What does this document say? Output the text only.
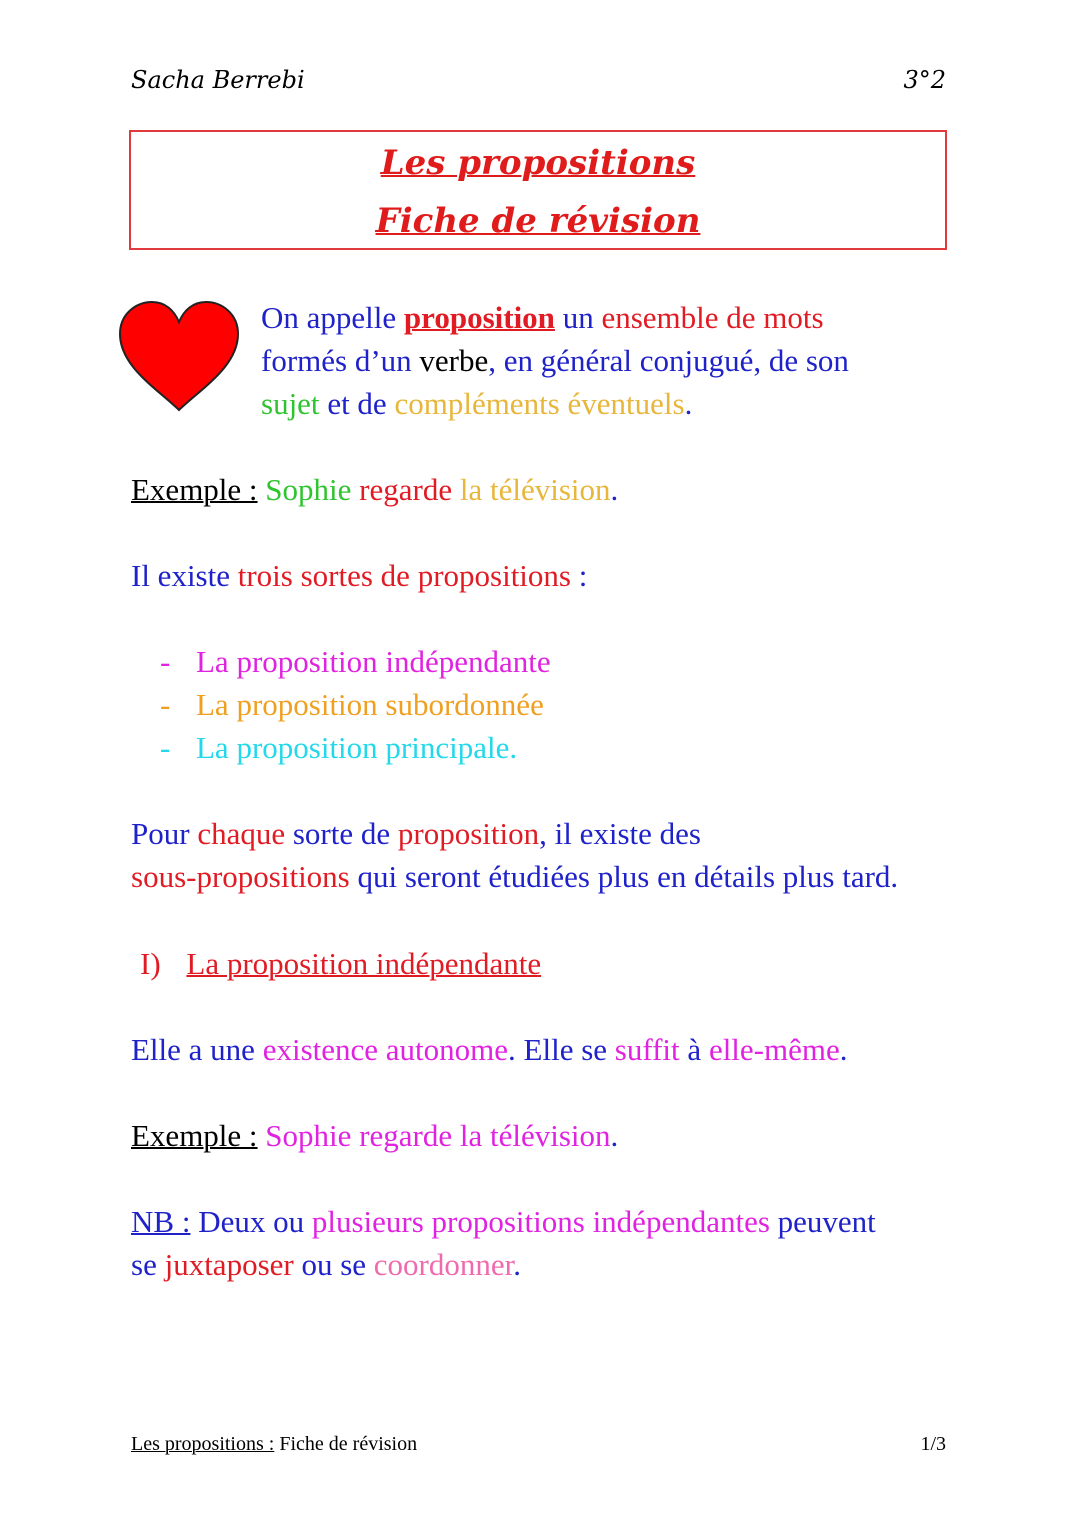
Sacha Berrebi	3°2
Les propositions
Fiche de révision
On appelle proposition un ensemble de mots
formés d’un verbe, en général conjugué, de son
sujet et de compléments éventuels.
Exemple : Sophie regarde la télévision.
Il existe trois sortes de propositions :
- La proposition indépendante
- La proposition subordonnée
- La proposition principale.
Pour chaque sorte de proposition, il existe des
sous-propositions qui seront étudiées plus en détails plus tard.
I) La proposition indépendante
Elle a une existence autonome. Elle se suffit à elle-même.
Exemple : Sophie regarde la télévision.
NB : Deux ou plusieurs propositions indépendantes peuvent
se juxtaposer ou se coordonner.
Les propositions : Fiche de révision	1/3
